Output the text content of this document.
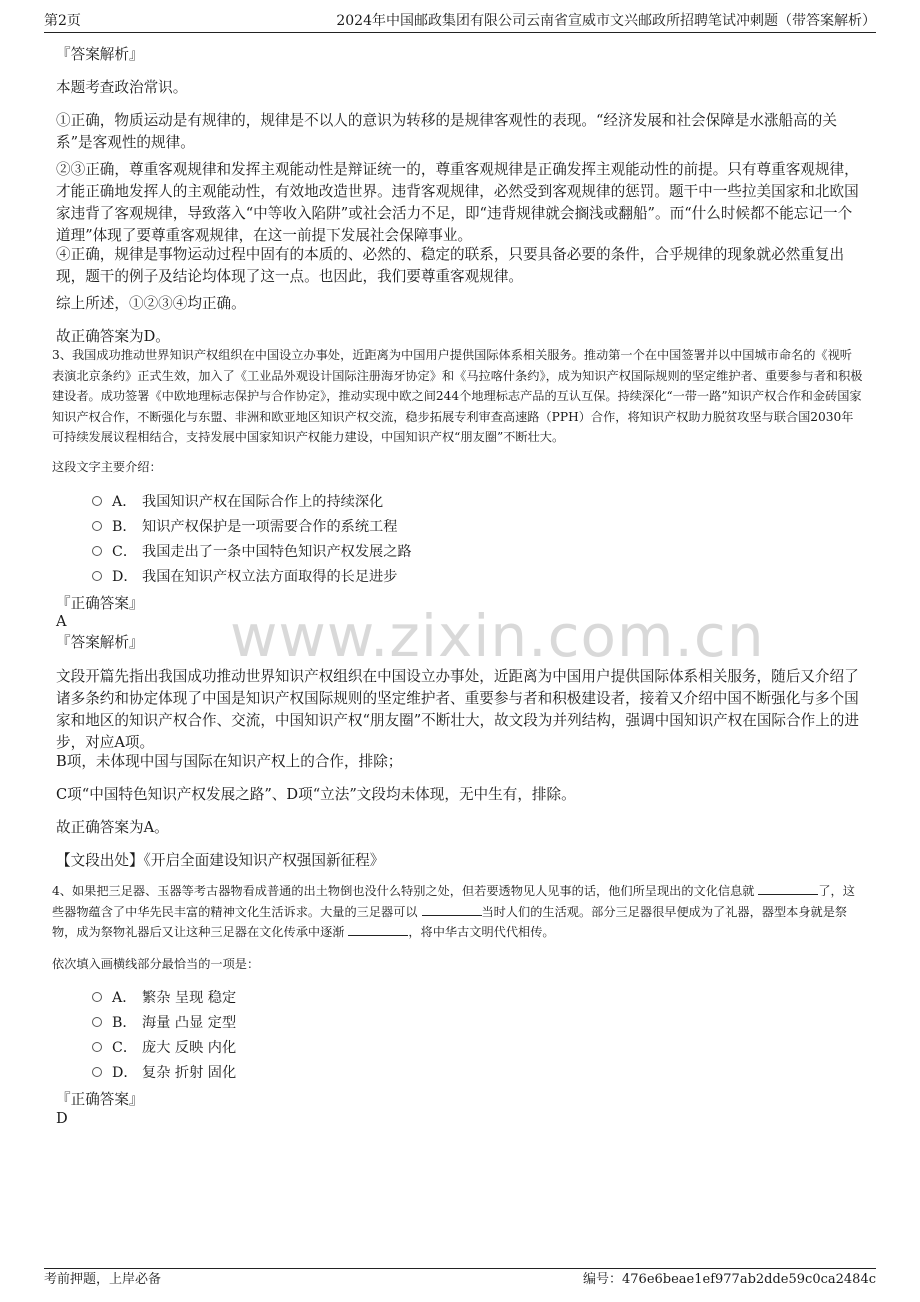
第2页	2024年中国邮政集团有限公司云南省宣威市文兴邮政所招聘笔试冲刺题（带答案解析）
www.zixin.com.cn

『答案解析』

本题考查政治常识。

①正确，物质运动是有规律的，规律是不以人的意识为转移的是规律客观性的表现。“经济发展和社会保障是水涨船高的关系”是客观性的规律。

②③正确，尊重客观规律和发挥主观能动性是辩证统一的，尊重客观规律是正确发挥主观能动性的前提。只有尊重客观规律，才能正确地发挥人的主观能动性，有效地改造世界。违背客观规律，必然受到客观规律的惩罚。题干中一些拉美国家和北欧国家违背了客观规律，导致落入“中等收入陷阱”或社会活力不足，即“违背规律就会搁浅或翻船”。而“什么时候都不能忘记一个道理”体现了要尊重客观规律，在这一前提下发展社会保障事业。

④正确，规律是事物运动过程中固有的本质的、必然的、稳定的联系，只要具备必要的条件，合乎规律的现象就必然重复出现，题干的例子及结论均体现了这一点。也因此，我们要尊重客观规律。

综上所述，①②③④均正确。

故正确答案为D。

3、我国成功推动世界知识产权组织在中国设立办事处，近距离为中国用户提供国际体系相关服务。推动第一个在中国签署并以中国城市命名的《视听表演北京条约》正式生效，加入了《工业品外观设计国际注册海牙协定》和《马拉喀什条约》，成为知识产权国际规则的坚定维护者、重要参与者和积极建设者。成功签署《中欧地理标志保护与合作协定》，推动实现中欧之间244个地理标志产品的互认互保。持续深化“一带一路”知识产权合作和金砖国家知识产权合作，不断强化与东盟、非洲和欧亚地区知识产权交流，稳步拓展专利审查高速路（PPH）合作，将知识产权助力脱贫攻坚与联合国2030年可持续发展议程相结合，支持发展中国家知识产权能力建设，中国知识产权“朋友圈”不断壮大。

这段文字主要介绍：

A． 我国知识产权在国际合作上的持续深化
B． 知识产权保护是一项需要合作的系统工程
C． 我国走出了一条中国特色知识产权发展之路
D． 我国在知识产权立法方面取得的长足进步

『正确答案』

A

『答案解析』

文段开篇先指出我国成功推动世界知识产权组织在中国设立办事处，近距离为中国用户提供国际体系相关服务，随后又介绍了诸多条约和协定体现了中国是知识产权国际规则的坚定维护者、重要参与者和积极建设者，接着又介绍中国不断强化与多个国家和地区的知识产权合作、交流，中国知识产权“朋友圈”不断壮大，故文段为并列结构，强调中国知识产权在国际合作上的进步，对应A项。

B项，未体现中国与国际在知识产权上的合作，排除；

C项“中国特色知识产权发展之路”、D项“立法”文段均未体现，无中生有，排除。

故正确答案为A。

【文段出处】《开启全面建设知识产权强国新征程》

4、如果把三足器、玉器等考古器物看成普通的出土物倒也没什么特别之处，但若要透物见人见事的话，他们所呈现出的文化信息就	了，这些器物蕴含了中华先民丰富的精神文化生活诉求。大量的三足器可以	当时人们的生活观。部分三足器很早便成为了礼器，器型本身就是祭物，成为祭物礼器后又让这种三足器在文化传承中逐渐	，将中华古文明代代相传。

依次填入画横线部分最恰当的一项是：

A． 繁杂 呈现 稳定
B． 海量 凸显 定型
C． 庞大 反映 内化
D． 复杂 折射 固化

『正确答案』

D

考前押题，上岸必备	编号：476e6beae1ef977ab2dde59c0ca2484c
